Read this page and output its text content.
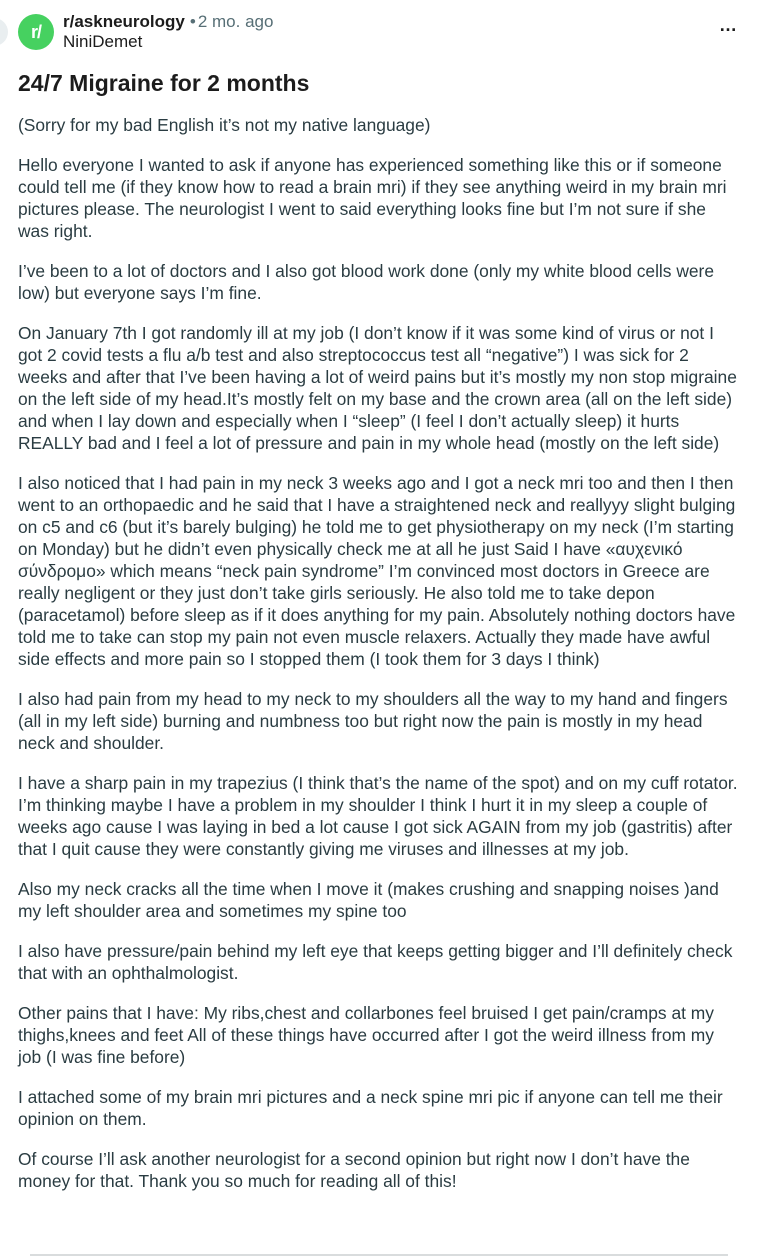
r/
r/askneurology • 2 mo. ago
NiniDemet
…
24/7 Migraine for 2 months

(Sorry for my bad English it’s not my native language)

Hello everyone I wanted to ask if anyone has experienced something like this or if someone could tell me (if they know how to read a brain mri) if they see anything weird in my brain mri pictures please. The neurologist I went to said everything looks fine but I’m not sure if she was right.

I’ve been to a lot of doctors and I also got blood work done (only my white blood cells were low) but everyone says I’m fine.

On January 7th I got randomly ill at my job (I don’t know if it was some kind of virus or not I got 2 covid tests a flu a/b test and also streptococcus test all “negative”) I was sick for 2 weeks and after that I’ve been having a lot of weird pains but it’s mostly my non stop migraine on the left side of my head.It’s mostly felt on my base and the crown area (all on the left side) and when I lay down and especially when I “sleep” (I feel I don’t actually sleep) it hurts REALLY bad and I feel a lot of pressure and pain in my whole head (mostly on the left side)

I also noticed that I had pain in my neck 3 weeks ago and I got a neck mri too and then I then went to an orthopaedic and he said that I have a straightened neck and reallyyy slight bulging on c5 and c6 (but it’s barely bulging) he told me to get physiotherapy on my neck (I’m starting on Monday) but he didn’t even physically check me at all he just Said I have «αυχενικό σύνδρομο» which means “neck pain syndrome” I’m convinced most doctors in Greece are really negligent or they just don’t take girls seriously. He also told me to take depon (paracetamol) before sleep as if it does anything for my pain. Absolutely nothing doctors have told me to take can stop my pain not even muscle relaxers. Actually they made have awful side effects and more pain so I stopped them (I took them for 3 days I think)

I also had pain from my head to my neck to my shoulders all the way to my hand and fingers (all in my left side) burning and numbness too but right now the pain is mostly in my head neck and shoulder.

I have a sharp pain in my trapezius (I think that’s the name of the spot) and on my cuff rotator. I’m thinking maybe I have a problem in my shoulder I think I hurt it in my sleep a couple of weeks ago cause I was laying in bed a lot cause I got sick AGAIN from my job (gastritis) after that I quit cause they were constantly giving me viruses and illnesses at my job.

Also my neck cracks all the time when I move it (makes crushing and snapping noises )and my left shoulder area and sometimes my spine too

I also have pressure/pain behind my left eye that keeps getting bigger and I’ll definitely check that with an ophthalmologist.

Other pains that I have: My ribs,chest and collarbones feel bruised I get pain/cramps at my thighs,knees and feet All of these things have occurred after I got the weird illness from my job (I was fine before)

I attached some of my brain mri pictures and a neck spine mri pic if anyone can tell me their opinion on them.

Of course I’ll ask another neurologist for a second opinion but right now I don’t have the money for that. Thank you so much for reading all of this!
